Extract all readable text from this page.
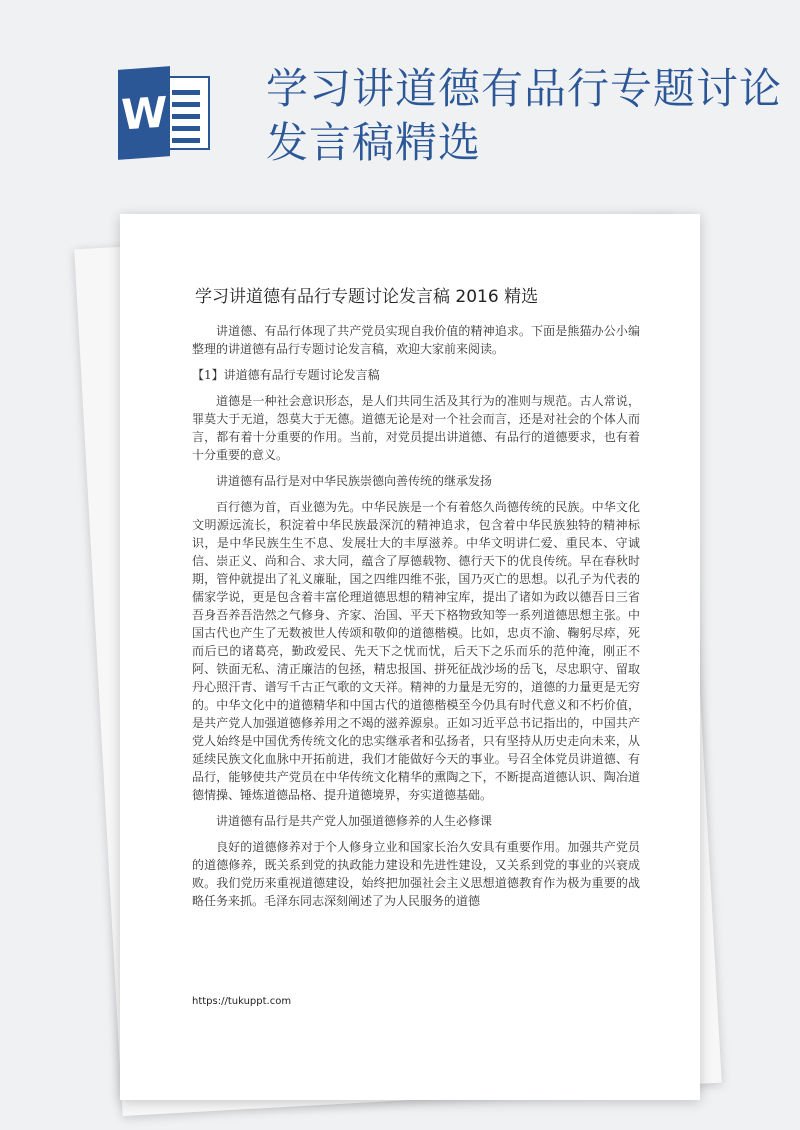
W 学习讲道德有品行专题讨论发言稿精选
学习讲道德有品行专题讨论发言稿 2016 精选

讲道德、有品行体现了共产党员实现自我价值的精神追求。下面是熊猫办公小编整理的讲道德有品行专题讨论发言稿，欢迎大家前来阅读。

【1】讲道德有品行专题讨论发言稿

道德是一种社会意识形态，是人们共同生活及其行为的准则与规范。古人常说，罪莫大于无道，怨莫大于无德。道德无论是对一个社会而言，还是对社会的个体人而言，都有着十分重要的作用。当前，对党员提出讲道德、有品行的道德要求，也有着十分重要的意义。

讲道德有品行是对中华民族崇德向善传统的继承发扬

百行德为首，百业德为先。中华民族是一个有着悠久尚德传统的民族。中华文化文明源远流长，积淀着中华民族最深沉的精神追求，包含着中华民族独特的精神标识，是中华民族生生不息、发展壮大的丰厚滋养。中华文明讲仁爱、重民本、守诚信、崇正义、尚和合、求大同，蕴含了厚德载物、德行天下的优良传统。早在春秋时期，管仲就提出了礼义廉耻，国之四维四维不张，国乃灭亡的思想。以孔子为代表的儒家学说，更是包含着丰富伦理道德思想的精神宝库，提出了诸如为政以德吾日三省吾身吾养吾浩然之气修身、齐家、治国、平天下格物致知等一系列道德思想主张。中国古代也产生了无数被世人传颂和敬仰的道德楷模。比如，忠贞不渝、鞠躬尽瘁，死而后已的诸葛亮，勤政爱民、先天下之忧而忧，后天下之乐而乐的范仲淹，刚正不阿、铁面无私、清正廉洁的包拯，精忠报国、拼死征战沙场的岳飞，尽忠职守、留取丹心照汗青、谱写千古正气歌的文天祥。精神的力量是无穷的，道德的力量更是无穷的。中华文化中的道德精华和中国古代的道德楷模至今仍具有时代意义和不朽价值，是共产党人加强道德修养用之不竭的滋养源泉。正如习近平总书记指出的，中国共产党人始终是中国优秀传统文化的忠实继承者和弘扬者，只有坚持从历史走向未来，从延续民族文化血脉中开拓前进，我们才能做好今天的事业。号召全体党员讲道德、有品行，能够使共产党员在中华传统文化精华的熏陶之下，不断提高道德认识、陶冶道德情操、锤炼道德品格、提升道德境界，夯实道德基础。

讲道德有品行是共产党人加强道德修养的人生必修课

良好的道德修养对于个人修身立业和国家长治久安具有重要作用。加强共产党员的道德修养，既关系到党的执政能力建设和先进性建设，又关系到党的事业的兴衰成败。我们党历来重视道德建设，始终把加强社会主义思想道德教育作为极为重要的战略任务来抓。毛泽东同志深刻阐述了为人民服务的道德

https://tukuppt.com
